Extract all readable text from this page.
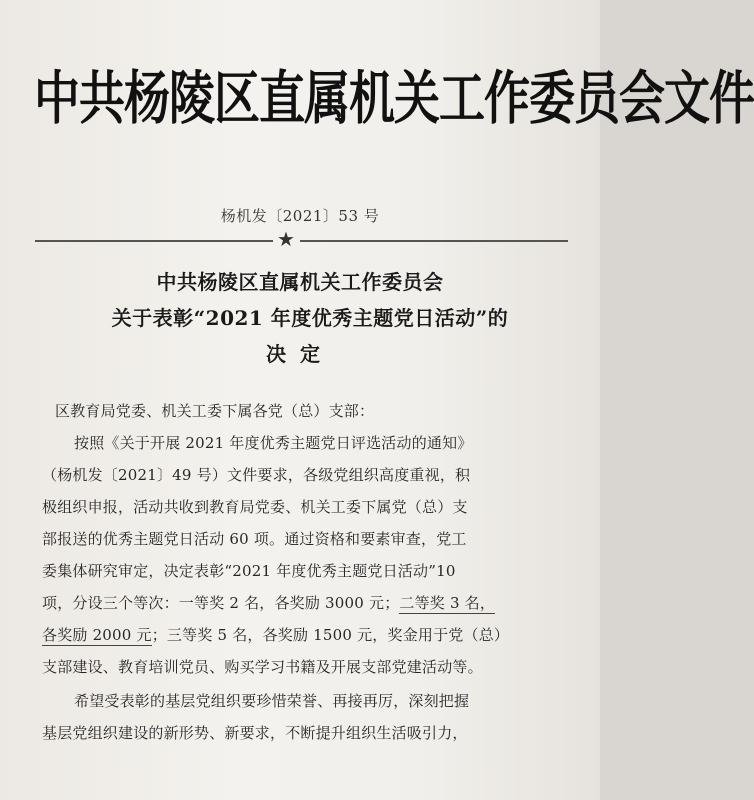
中共杨陵区直属机关工作委员会文件
杨机发〔2021〕53 号
★
中共杨陵区直属机关工作委员会
关于表彰“2021 年度优秀主题党日活动”的
决定
区教育局党委、机关工委下属各党（总）支部：
按照《关于开展 2021 年度优秀主题党日评选活动的通知》
（杨机发〔2021〕49 号）文件要求，各级党组织高度重视，积
极组织申报，活动共收到教育局党委、机关工委下属党（总）支
部报送的优秀主题党日活动 60 项。通过资格和要素审查，党工
委集体研究审定，决定表彰“2021 年度优秀主题党日活动”10
项，分设三个等次：一等奖 2 名，各奖励 3000 元；二等奖 3 名，
各奖励 2000 元；三等奖 5 名，各奖励 1500 元，奖金用于党（总）
支部建设、教育培训党员、购买学习书籍及开展支部党建活动等。
希望受表彰的基层党组织要珍惜荣誉、再接再厉，深刻把握
基层党组织建设的新形势、新要求，不断提升组织生活吸引力，
